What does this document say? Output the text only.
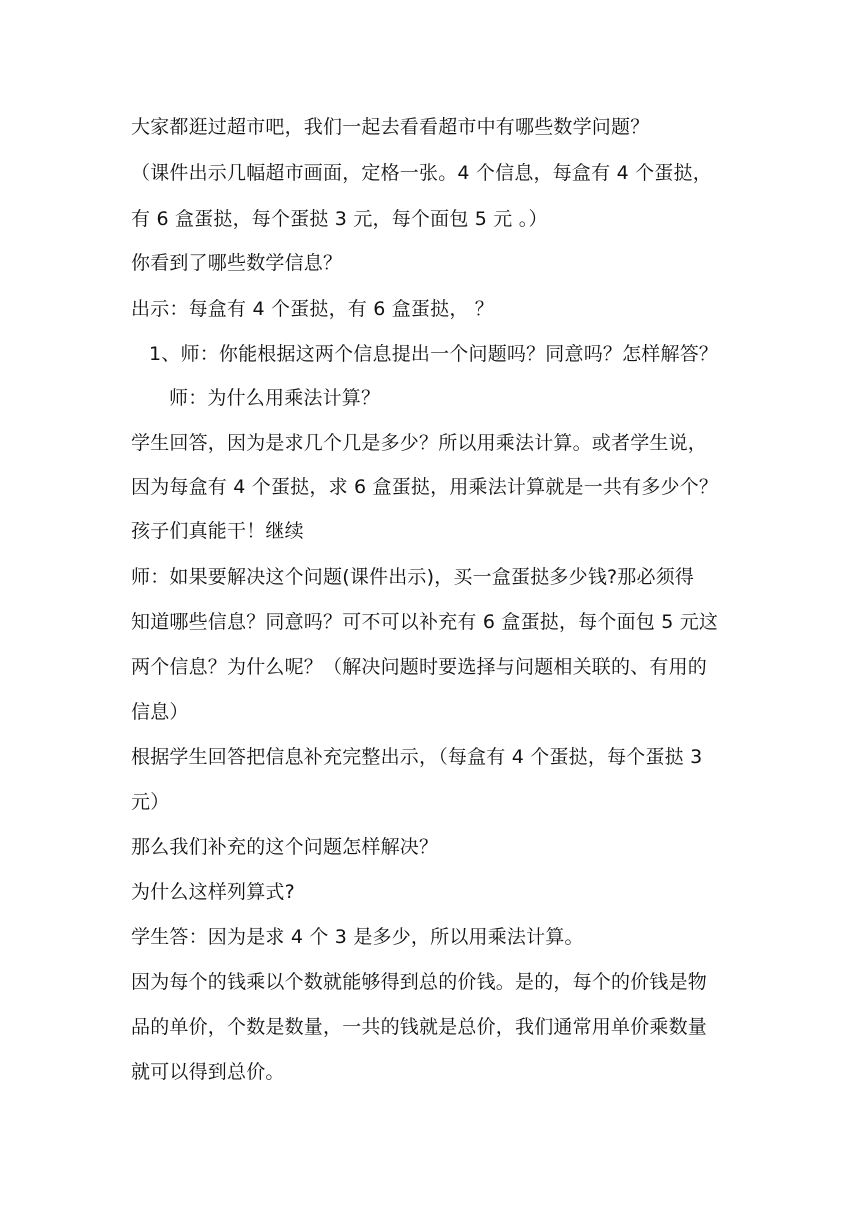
大家都逛过超市吧，我们一起去看看超市中有哪些数学问题？
（课件出示几幅超市画面，定格一张。4 个信息，每盒有 4 个蛋挞，
有 6 盒蛋挞，每个蛋挞 3 元，每个面包 5 元 。）
你看到了哪些数学信息？
出示：每盒有 4 个蛋挞，有 6 盒蛋挞， ？
1、师：你能根据这两个信息提出一个问题吗？同意吗？怎样解答？
师：为什么用乘法计算？
学生回答，因为是求几个几是多少？所以用乘法计算。或者学生说，
因为每盒有 4 个蛋挞，求 6 盒蛋挞，用乘法计算就是一共有多少个？
孩子们真能干！继续
师：如果要解决这个问题(课件出示)，买一盒蛋挞多少钱?那必须得
知道哪些信息？同意吗？可不可以补充有 6 盒蛋挞，每个面包 5 元这
两个信息？为什么呢？（解决问题时要选择与问题相关联的、有用的
信息）
根据学生回答把信息补充完整出示，（每盒有 4 个蛋挞，每个蛋挞 3
元）
那么我们补充的这个问题怎样解决？
为什么这样列算式?
学生答：因为是求 4 个 3 是多少，所以用乘法计算。
因为每个的钱乘以个数就能够得到总的价钱。是的，每个的价钱是物
品的单价，个数是数量，一共的钱就是总价，我们通常用单价乘数量
就可以得到总价。
